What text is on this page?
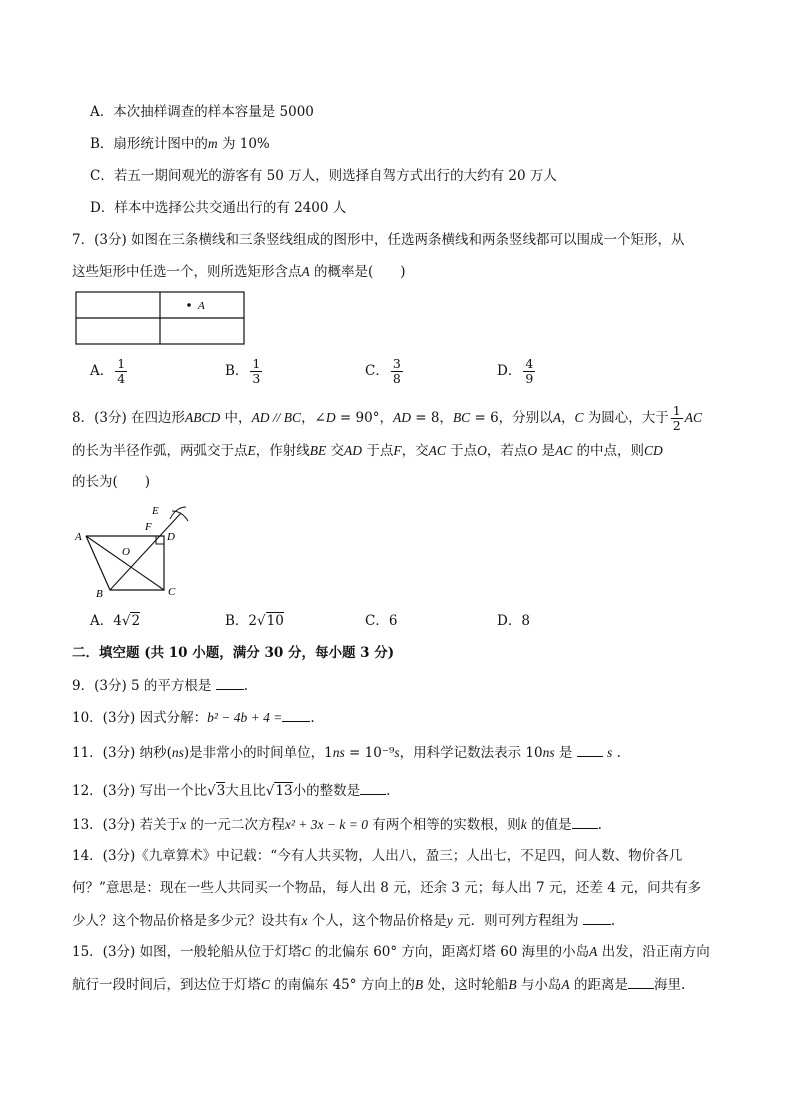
A．本次抽样调查的样本容量是 5000
B．扇形统计图中的m 为 10%
C．若五一期间观光的游客有 50 万人，则选择自驾方式出行的大约有 20 万人
D．样本中选择公共交通出行的有 2400 人
7．(3分) 如图在三条横线和三条竖线组成的图形中，任选两条横线和两条竖线都可以围成一个矩形，从
这些矩形中任选一个，则所选矩形含点A 的概率是(　　)
A
A． $\frac{1}{4}$	B． $\frac{1}{3}$	C． $\frac{3}{8}$	D． $\frac{4}{9}$
8．(3分) 在四边形ABCD 中，AD // BC，∠D = 90°，AD = 8，BC = 6，分别以A，C 为圆心，大于 $\frac{1}{2}$ AC
的长为半径作弧，两弧交于点E，作射线BE 交AD 于点F，交AC 于点O，若点O 是AC 的中点，则CD
的长为(　　)
A	D
B	C
E
F
O
A．4√2	B．2√10	C．6	D．8
二．填空题 (共 10 小题，满分 30 分，每小题 3 分)
9．(3分) 5 的平方根是 .
10．(3分) 因式分解：b² − 4b + 4 = .
11．(3分) 纳秒(ns)是非常小的时间单位，1ns = 10⁻⁹s，用科学记数法表示 10ns 是	s .
12．(3分) 写出一个比√3大且比√13小的整数是 .
13．(3分) 若关于x 的一元二次方程x² + 3x − k = 0 有两个相等的实数根，则k 的值是 .
14．(3分)《九章算术》中记载：“今有人共买物，人出八，盈三；人出七，不足四，问人数、物价各几
何？”意思是：现在一些人共同买一个物品，每人出 8 元，还余 3 元；每人出 7 元，还差 4 元，问共有多
少人？这个物品价格是多少元？设共有x 个人，这个物品价格是y 元．则可列方程组为 .
15．(3分) 如图，一般轮船从位于灯塔C 的北偏东 60° 方向，距离灯塔 60 海里的小岛A 出发，沿正南方向
航行一段时间后，到达位于灯塔C 的南偏东 45° 方向上的B 处，这时轮船B 与小岛A 的距离是 海里.
